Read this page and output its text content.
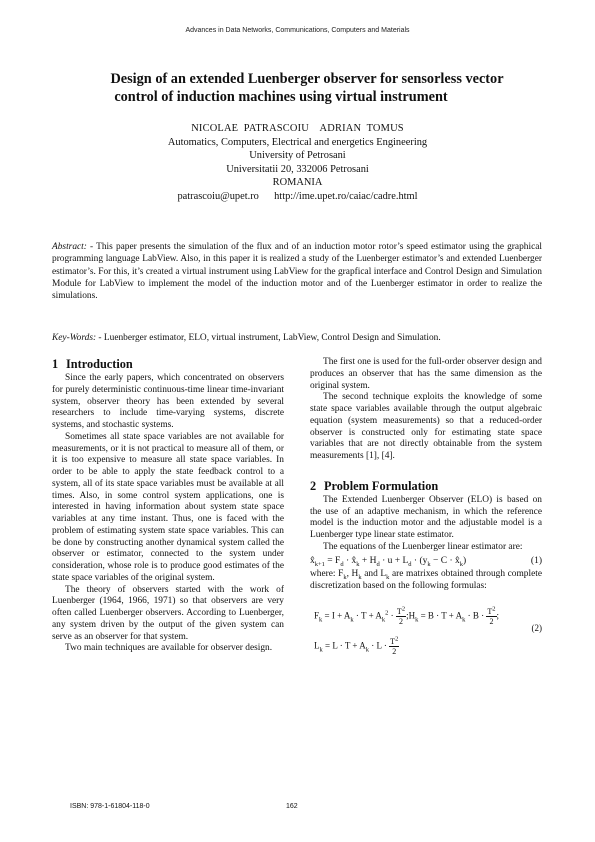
Advances in Data Networks, Communications, Computers and Materials
Design of an extended Luenberger observer for sensorless vector
control of induction machines using virtual instrument
NICOLAE  PATRASCOIU    ADRIAN  TOMUS
Automatics, Computers, Electrical and energetics Engineering
University of Petrosani
Universitatii 20, 332006 Petrosani
ROMANIA
patrascoiu@upet.ro http://ime.upet.ro/caiac/cadre.html
Abstract: - This paper presents the simulation of the flux and of an induction motor rotor’s speed estimator using the graphical programming language LabView. Also, in this paper it is realized a study of the Luenberger estimator’s and extended Luenberger estimator’s. For this, it’s created a virtual instrument using LabView for the grapfical interface and Control Design and Simulation Module for LabView to implement the model of the induction motor and of the Luenberger estimator in order to realize the simulations.
Key-Words: - Luenberger estimator, ELO, virtual instrument, LabView, Control Design and Simulation.
1 Introduction

Since the early papers, which concentrated on observers for purely deterministic continuous-time linear time-invariant system, observer theory has been extended by several researchers to include time-varying systems, discrete systems, and stochastic systems.

Sometimes all state space variables are not available for measurements, or it is not practical to measure all of them, or it is too expensive to measure all state space variables. In order to be able to apply the state feedback control to a system, all of its state space variables must be available at all times. Also, in some control system applications, one is interested in having information about system state space variables at any time instant. Thus, one is faced with the problem of estimating system state space variables. This can be done by constructing another dynamical system called the observer or estimator, connected to the system under consideration, whose role is to produce good estimates of the state space variables of the original system.

The theory of observers started with the work of Luenberger (1964, 1966, 1971) so that observers are very often called Luenberger observers. According to Luenberger, any system driven by the output of the given system can serve as an observer for that system.

Two main techniques are available for observer design.

The first one is used for the full-order observer design and produces an observer that has the same dimension as the original system.

The second technique exploits the knowledge of some state space variables available through the output algebraic equation (system measurements) so that a reduced-order observer is constructed only for estimating state space variables that are not directly obtainable from the system measurements [1], [4].

2 Problem Formulation

The Extended Luenberger Observer (ELO) is based on the use of an adaptive mechanism, in which the reference model is the induction motor and the adjustable model is a Luenberger type linear state estimator.

The equations of the Luenberger linear estimator are:

$x̂_{k+1} = F_d$ · $x̂_k + H_d \cdot u + L_d \cdot (y_k - C$ · $x̂_k$)	(1)

where: $F_k$, $H_k$ and $L_k$ are matrixes obtained through complete discretization based on the following formulas:

$F_k = I + A_k \cdot T + A_k^2 \cdot \frac{T^2}{2}$ $;H_k = B \cdot T + A_k \cdot B \cdot \frac{T^2}{2}$ ;
(2)
$L_k = L \cdot T + A_k \cdot L \cdot \frac{T^2}{2}$
ISBN: 978-1-61804-118-0	162
